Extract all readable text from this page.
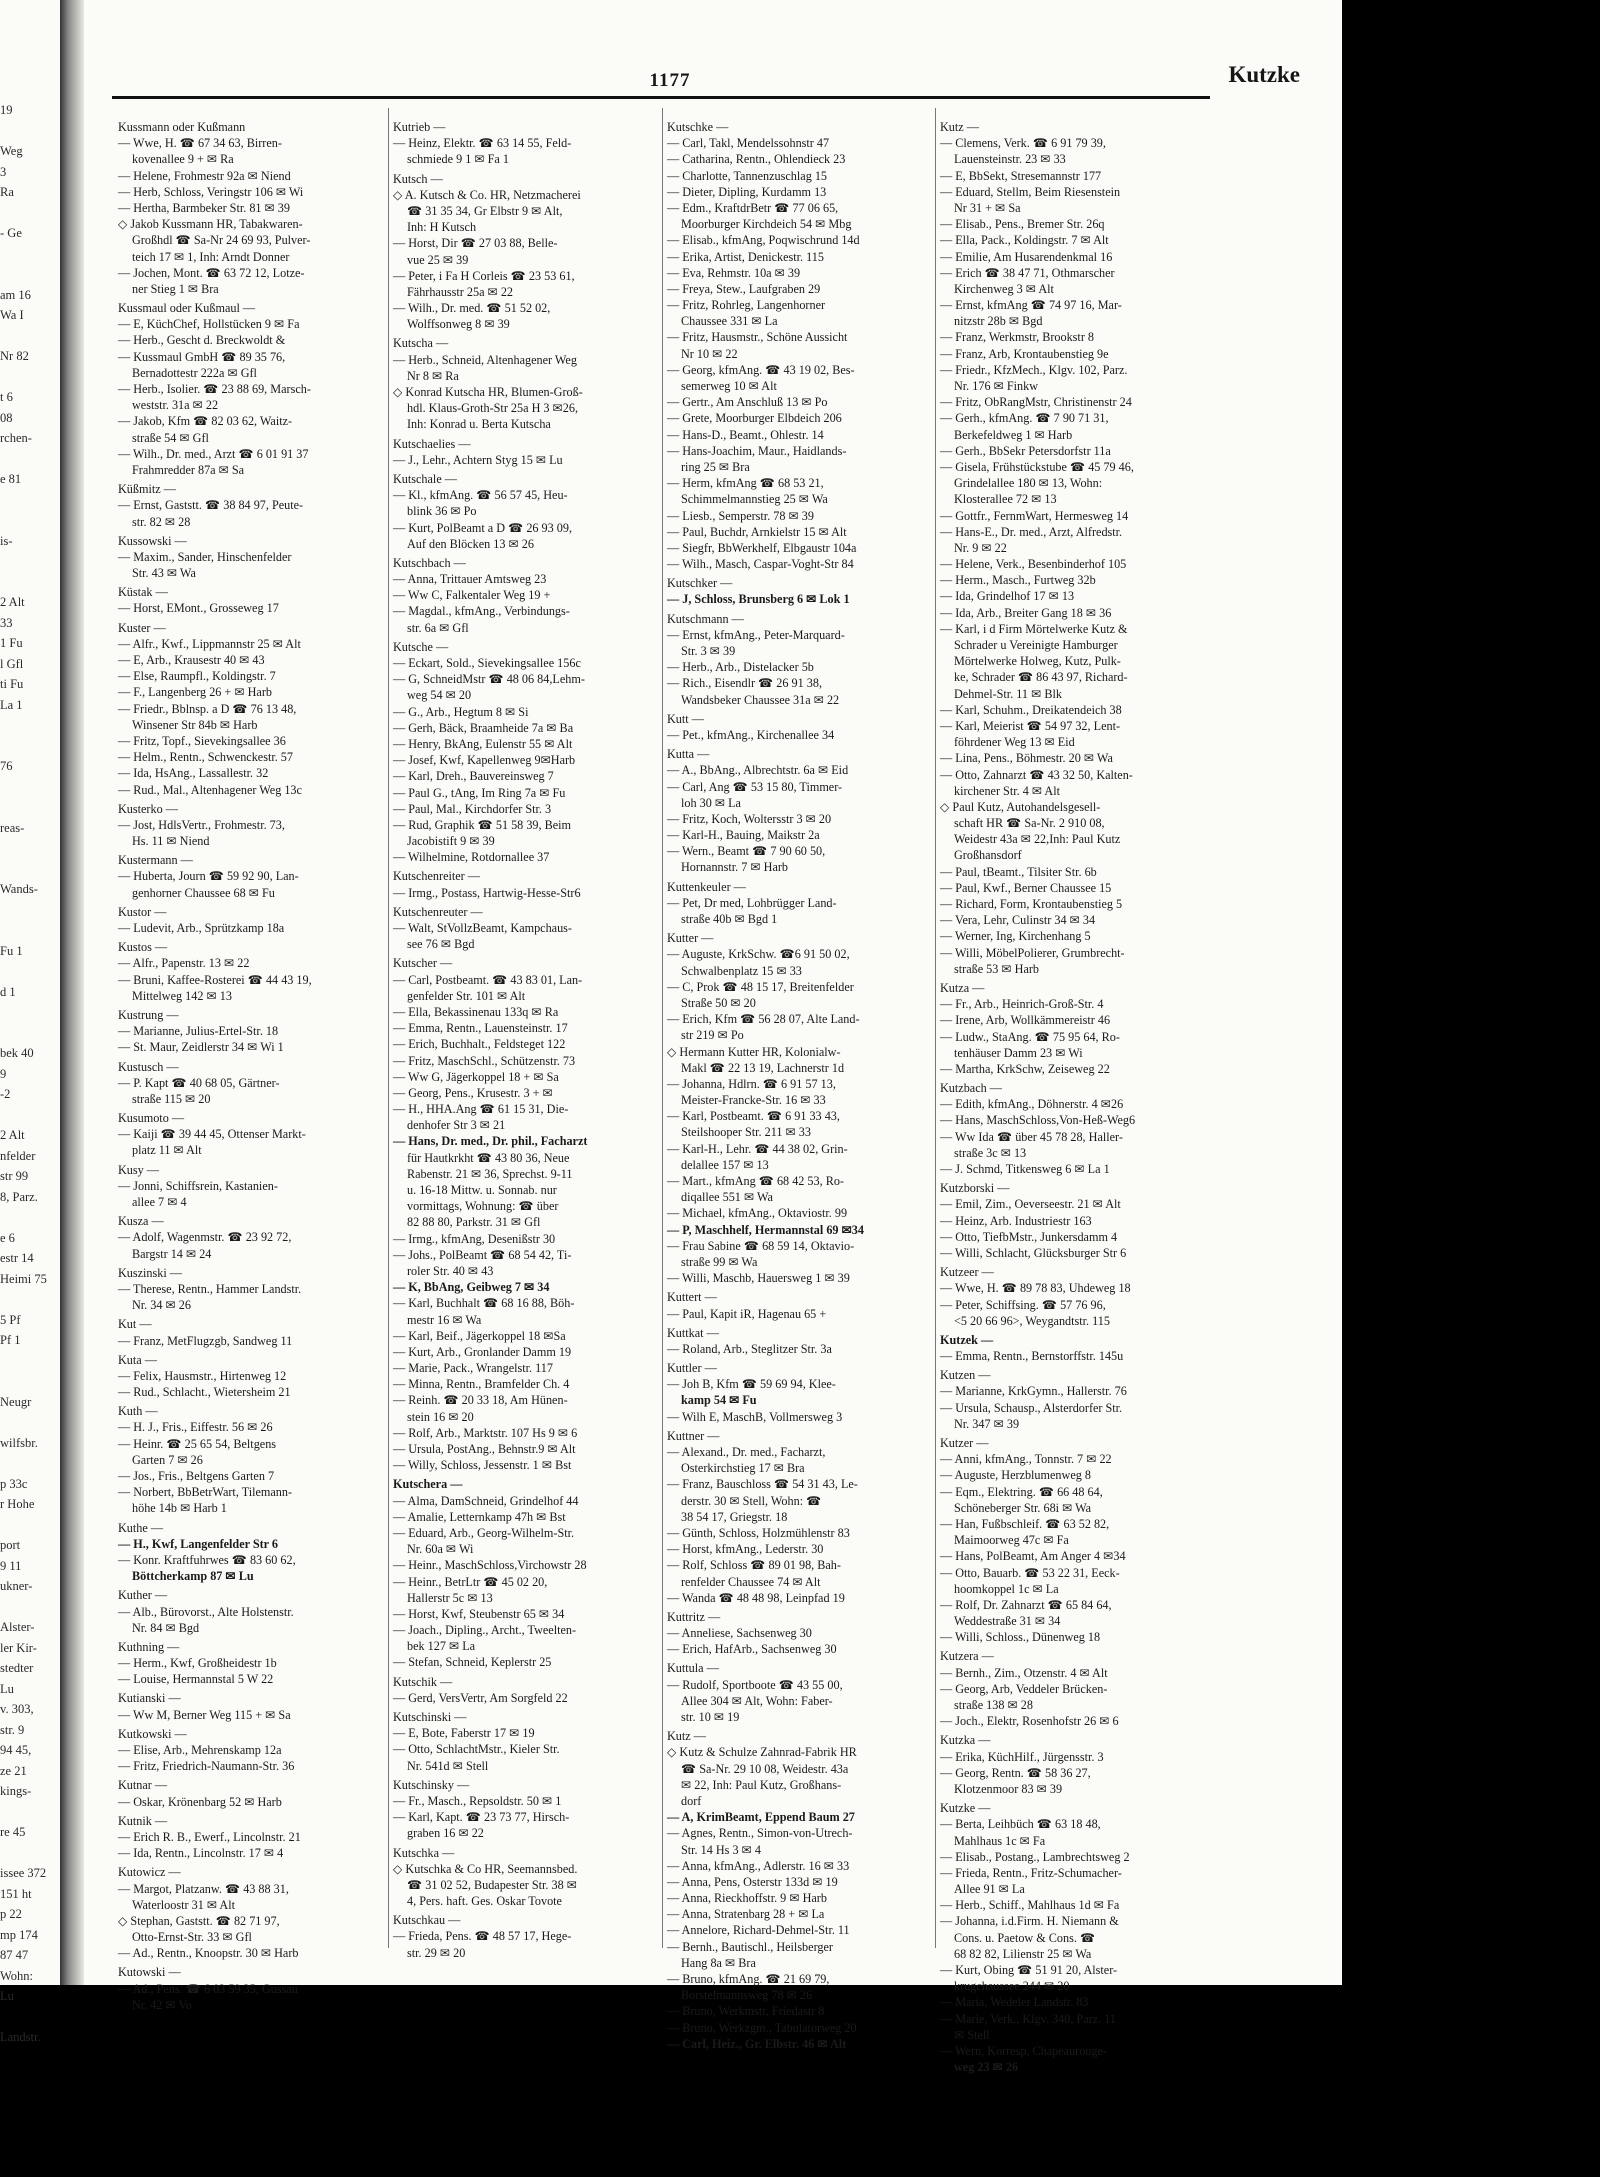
19
Weg
3
Ra
- Ge
am 16
Wa I
Nr 82
t 6
08
rchen-
e 81
is-
2 Alt
33
1 Fu
l Gfl
ti Fu
La 1
76
reas-
Wands-
Fu 1
d 1
bek 40
9
-2
2 Alt
nfelder
str 99
8, Parz.
e 6
estr 14
Heimi 75
5 Pf
Pf 1
Neugr
wilfsbr.
p 33c
r Hohe
port
9 11
ukner-
Alster-
ler Kir-
stedter
Lu
v. 303,
str. 9
94 45,
ze 21
kings-
re 45
issee 372
151 ht
p 22
mp 174
87 47
Wohn:
Lu
Landstr.
1177	Kutzke
Kussmann oder Kußmann
— Wwe, H. ☎ 67 34 63, Birren-
kovenallee 9 + ✉ Ra
— Helene, Frohmestr 92a ✉ Niend
— Herb, Schloss, Veringstr 106 ✉ Wi
— Hertha, Barmbeker Str. 81 ✉ 39
◇ Jakob Kussmann HR, Tabakwaren-
Großhdl ☎ Sa-Nr 24 69 93, Pulver-
teich 17 ✉ 1, Inh: Arndt Donner
— Jochen, Mont. ☎ 63 72 12, Lotze-
ner Stieg 1 ✉ Bra
Kussmaul oder Kußmaul —
— E, KüchChef, Hollstücken 9 ✉ Fa
— Herb., Gescht d. Breckwoldt &
— Kussmaul GmbH ☎ 89 35 76,
Bernadottestr 222a ✉ Gfl
— Herb., Isolier. ☎ 23 88 69, Marsch-
weststr. 31a ✉ 22
— Jakob, Kfm ☎ 82 03 62, Waitz-
straße 54 ✉ Gfl
— Wilh., Dr. med., Arzt ☎ 6 01 91 37
Frahmredder 87a ✉ Sa
Küßmitz —
— Ernst, Gaststt. ☎ 38 84 97, Peute-
str. 82 ✉ 28
Kussowski —
— Maxim., Sander, Hinschenfelder
Str. 43 ✉ Wa
Küstak —
— Horst, EMont., Grosseweg 17
Kuster —
— Alfr., Kwf., Lippmannstr 25 ✉ Alt
— E, Arb., Krausestr 40 ✉ 43
— Else, Raumpfl., Koldingstr. 7
— F., Langenberg 26 + ✉ Harb
— Friedr., Bblnsp. a D ☎ 76 13 48,
Winsener Str 84b ✉ Harb
— Fritz, Topf., Sievekingsallee 36
— Helm., Rentn., Schwenckestr. 57
— Ida, HsAng., Lassallestr. 32
— Rud., Mal., Altenhagener Weg 13c
Kusterko —
— Jost, HdlsVertr., Frohmestr. 73,
Hs. 11 ✉ Niend
Kustermann —
— Huberta, Journ ☎ 59 92 90, Lan-
genhorner Chaussee 68 ✉ Fu
Kustor —
— Ludevit, Arb., Sprützkamp 18a
Kustos —
— Alfr., Papenstr. 13 ✉ 22
— Bruni, Kaffee-Rosterei ☎ 44 43 19,
Mittelweg 142 ✉ 13
Kustrung —
— Marianne, Julius-Ertel-Str. 18
— St. Maur, Zeidlerstr 34 ✉ Wi 1
Kustusch —
— P. Kapt ☎ 40 68 05, Gärtner-
straße 115 ✉ 20
Kusumoto —
— Kaiji ☎ 39 44 45, Ottenser Markt-
platz 11 ✉ Alt
Kusy —
— Jonni, Schiffsrein, Kastanien-
allee 7 ✉ 4
Kusza —
— Adolf, Wagenmstr. ☎ 23 92 72,
Bargstr 14 ✉ 24
Kuszinski —
— Therese, Rentn., Hammer Landstr.
Nr. 34 ✉ 26
Kut —
— Franz, MetFlugzgb, Sandweg 11
Kuta —
— Felix, Hausmstr., Hirtenweg 12
— Rud., Schlacht., Wietersheim 21
Kuth —
— H. J., Fris., Eiffestr. 56 ✉ 26
— Heinr. ☎ 25 65 54, Beltgens
Garten 7 ✉ 26
— Jos., Fris., Beltgens Garten 7
— Norbert, BbBetrWart, Tilemann-
höhe 14b ✉ Harb 1
Kuthe —
— H., Kwf, Langenfelder Str 6
— Konr. Kraftfuhrwes ☎ 83 60 62,
Böttcherkamp 87 ✉ Lu
Kuther —
— Alb., Bürovorst., Alte Holstenstr.
Nr. 84 ✉ Bgd
Kuthning —
— Herm., Kwf, Großheidestr 1b
— Louise, Hermannstal 5 W 22
Kutianski —
— Ww M, Berner Weg 115 + ✉ Sa
Kutkowski —
— Elise, Arb., Mehrenskamp 12a
— Fritz, Friedrich-Naumann-Str. 36
Kutnar —
— Oskar, Krönenbarg 52 ✉ Harb
Kutnik —
— Erich R. B., Ewerf., Lincolnstr. 21
— Ida, Rentn., Lincolnstr. 17 ✉ 4
Kutowicz —
— Margot, Platzanw. ☎ 43 88 31,
Waterloostr 31 ✉ Alt
◇ Stephan, Gaststt. ☎ 82 71 97,
Otto-Ernst-Str. 33 ✉ Gfl
— Ad., Rentn., Knoopstr. 30 ✉ Harb
Kutowski —
— Ad., Pens. ☎ 6 03 59 35, Gussau
Nr. 42 ✉ Vo
Kutrieb —
— Heinz, Elektr. ☎ 63 14 55, Feld-
schmiede 9 1 ✉ Fa 1
Kutsch —
◇ A. Kutsch & Co. HR, Netzmacherei
☎ 31 35 34, Gr Elbstr 9 ✉ Alt,
Inh: H Kutsch
— Horst, Dir ☎ 27 03 88, Belle-
vue 25 ✉ 39
— Peter, i Fa H Corleis ☎ 23 53 61,
Fährhausstr 25a ✉ 22
— Wilh., Dr. med. ☎ 51 52 02,
Wolffsonweg 8 ✉ 39
Kutscha —
— Herb., Schneid, Altenhagener Weg
Nr 8 ✉ Ra
◇ Konrad Kutscha HR, Blumen-Groß-
hdl. Klaus-Groth-Str 25a H 3 ✉26,
Inh: Konrad u. Berta Kutscha
Kutschaelies —
— J., Lehr., Achtern Styg 15 ✉ Lu
Kutschale —
— Kl., kfmAng. ☎ 56 57 45, Heu-
blink 36 ✉ Po
— Kurt, PolBeamt a D ☎ 26 93 09,
Auf den Blöcken 13 ✉ 26
Kutschbach —
— Anna, Trittauer Amtsweg 23
— Ww C, Falkentaler Weg 19 +
— Magdal., kfmAng., Verbindungs-
str. 6a ✉ Gfl
Kutsche —
— Eckart, Sold., Sievekingsallee 156c
— G, SchneidMstr ☎ 48 06 84,Lehm-
weg 54 ✉ 20
— G., Arb., Hegtum 8 ✉ Si
— Gerh, Bäck, Braamheide 7a ✉ Ba
— Henry, BkAng, Eulenstr 55 ✉ Alt
— Josef, Kwf, Kapellenweg 9✉Harb
— Karl, Dreh., Bauvereinsweg 7
— Paul G., tAng, Im Ring 7a ✉ Fu
— Paul, Mal., Kirchdorfer Str. 3
— Rud, Graphik ☎ 51 58 39, Beim
Jacobistift 9 ✉ 39
— Wilhelmine, Rotdornallee 37
Kutschenreiter —
— Irmg., Postass, Hartwig-Hesse-Str6
Kutschenreuter —
— Walt, StVollzBeamt, Kampchaus-
see 76 ✉ Bgd
Kutscher —
— Carl, Postbeamt. ☎ 43 83 01, Lan-
genfelder Str. 101 ✉ Alt
— Ella, Bekassinenau 133q ✉ Ra
— Emma, Rentn., Lauensteinstr. 17
— Erich, Buchhalt., Feldsteget 122
— Fritz, MaschSchl., Schützenstr. 73
— Ww G, Jägerkoppel 18 + ✉ Sa
— Georg, Pens., Krusestr. 3 + ✉
— H., HHA.Ang ☎ 61 15 31, Die-
denhofer Str 3 ✉ 21
— Hans, Dr. med., Dr. phil., Facharzt
für Hautkrkht ☎ 43 80 36, Neue
Rabenstr. 21 ✉ 36, Sprechst. 9-11
u. 16-18 Mittw. u. Sonnab. nur
vormittags, Wohnung: ☎ über
82 88 80, Parkstr. 31 ✉ Gfl
— Irmg., kfmAng, Desenißstr 30
— Johs., PolBeamt ☎ 68 54 42, Ti-
roler Str. 40 ✉ 43
— K, BbAng, Geibweg 7 ✉ 34
— Karl, Buchhalt ☎ 68 16 88, Böh-
mestr 16 ✉ Wa
— Karl, Beif., Jägerkoppel 18 ✉Sa
— Kurt, Arb., Gronlander Damm 19
— Marie, Pack., Wrangelstr. 117
— Minna, Rentn., Bramfelder Ch. 4
— Reinh. ☎ 20 33 18, Am Hünen-
stein 16 ✉ 20
— Rolf, Arb., Marktstr. 107 Hs 9 ✉ 6
— Ursula, PostAng., Behnstr.9 ✉ Alt
— Willy, Schloss, Jessenstr. 1 ✉ Bst
Kutschera —
— Alma, DamSchneid, Grindelhof 44
— Amalie, Letternkamp 47h ✉ Bst
— Eduard, Arb., Georg-Wilhelm-Str.
Nr. 60a ✉ Wi
— Heinr., MaschSchloss,Virchowstr 28
— Heinr., BetrLtr ☎ 45 02 20,
Hallerstr 5c ✉ 13
— Horst, Kwf, Steubenstr 65 ✉ 34
— Joach., Dipling., Archt., Tweelten-
bek 127 ✉ La
— Stefan, Schneid, Keplerstr 25
Kutschik —
— Gerd, VersVertr, Am Sorgfeld 22
Kutschinski —
— E, Bote, Faberstr 17 ✉ 19
— Otto, SchlachtMstr., Kieler Str.
Nr. 541d ✉ Stell
Kutschinsky —
— Fr., Masch., Repsoldstr. 50 ✉ 1
— Karl, Kapt. ☎ 23 73 77, Hirsch-
graben 16 ✉ 22
Kutschka —
◇ Kutschka & Co HR, Seemannsbed.
☎ 31 02 52, Budapester Str. 38 ✉
4, Pers. haft. Ges. Oskar Tovote
Kutschkau —
— Frieda, Pens. ☎ 48 57 17, Hege-
str. 29 ✉ 20
Kutschke —
— Carl, Takl, Mendelssohnstr 47
— Catharina, Rentn., Ohlendieck 23
— Charlotte, Tannenzuschlag 15
— Dieter, Dipling, Kurdamm 13
— Edm., KraftdrBetr ☎ 77 06 65,
Moorburger Kirchdeich 54 ✉ Mbg
— Elisab., kfmAng, Poqwischrund 14d
— Erika, Artist, Denickestr. 115
— Eva, Rehmstr. 10a ✉ 39
— Freya, Stew., Laufgraben 29
— Fritz, Rohrleg, Langenhorner
Chaussee 331 ✉ La
— Fritz, Hausmstr., Schöne Aussicht
Nr 10 ✉ 22
— Georg, kfmAng. ☎ 43 19 02, Bes-
semerweg 10 ✉ Alt
— Gertr., Am Anschluß 13 ✉ Po
— Grete, Moorburger Elbdeich 206
— Hans-D., Beamt., Ohlestr. 14
— Hans-Joachim, Maur., Haidlands-
ring 25 ✉ Bra
— Herm, kfmAng ☎ 68 53 21,
Schimmelmannstieg 25 ✉ Wa
— Liesb., Semperstr. 78 ✉ 39
— Paul, Buchdr, Arnkielstr 15 ✉ Alt
— Siegfr, BbWerkhelf, Elbgaustr 104a
— Wilh., Masch, Caspar-Voght-Str 84
Kutschker —
— J, Schloss, Brunsberg 6 ✉ Lok 1
Kutschmann —
— Ernst, kfmAng., Peter-Marquard-
Str. 3 ✉ 39
— Herb., Arb., Distelacker 5b
— Rich., Eisendlr ☎ 26 91 38,
Wandsbeker Chaussee 31a ✉ 22
Kutt —
— Pet., kfmAng., Kirchenallee 34
Kutta —
— A., BbAng., Albrechtstr. 6a ✉ Eid
— Carl, Ang ☎ 53 15 80, Timmer-
loh 30 ✉ La
— Fritz, Koch, Woltersstr 3 ✉ 20
— Karl-H., Bauing, Maikstr 2a
— Wern., Beamt ☎ 7 90 60 50,
Hornannstr. 7 ✉ Harb
Kuttenkeuler —
— Pet, Dr med, Lohbrügger Land-
straße 40b ✉ Bgd 1
Kutter —
— Auguste, KrkSchw. ☎6 91 50 02,
Schwalbenplatz 15 ✉ 33
— C, Prok ☎ 48 15 17, Breitenfelder
Straße 50 ✉ 20
— Erich, Kfm ☎ 56 28 07, Alte Land-
str 219 ✉ Po
◇ Hermann Kutter HR, Kolonialw-
Makl ☎ 22 13 19, Lachnerstr 1d
— Johanna, Hdlrn. ☎ 6 91 57 13,
Meister-Francke-Str. 16 ✉ 33
— Karl, Postbeamt. ☎ 6 91 33 43,
Steilshooper Str. 211 ✉ 33
— Karl-H., Lehr. ☎ 44 38 02, Grin-
delallee 157 ✉ 13
— Mart., kfmAng ☎ 68 42 53, Ro-
diqallee 551 ✉ Wa
— Michael, kfmAng., Oktaviostr. 99
— P, Maschhelf, Hermannstal 69 ✉34
— Frau Sabine ☎ 68 59 14, Oktavio-
straße 99 ✉ Wa
— Willi, Maschb, Hauersweg 1 ✉ 39
Kuttert —
— Paul, Kapit iR, Hagenau 65 +
Kuttkat —
— Roland, Arb., Steglitzer Str. 3a
Kuttler —
— Joh B, Kfm ☎ 59 69 94, Klee-
kamp 54 ✉ Fu
— Wilh E, MaschB, Vollmersweg 3
Kuttner —
— Alexand., Dr. med., Facharzt,
Osterkirchstieg 17 ✉ Bra
— Franz, Bauschloss ☎ 54 31 43, Le-
derstr. 30 ✉ Stell, Wohn: ☎
38 54 17, Griegstr. 18
— Günth, Schloss, Holzmühlenstr 83
— Horst, kfmAng., Lederstr. 30
— Rolf, Schloss ☎ 89 01 98, Bah-
renfelder Chaussee 74 ✉ Alt
— Wanda ☎ 48 48 98, Leinpfad 19
Kuttritz —
— Anneliese, Sachsenweg 30
— Erich, HafArb., Sachsenweg 30
Kuttula —
— Rudolf, Sportboote ☎ 43 55 00,
Allee 304 ✉ Alt, Wohn: Faber-
str. 10 ✉ 19
Kutz —
◇ Kutz & Schulze Zahnrad-Fabrik HR
☎ Sa-Nr. 29 10 08, Weidestr. 43a
✉ 22, Inh: Paul Kutz, Großhans-
dorf
— A, KrimBeamt, Eppend Baum 27
— Agnes, Rentn., Simon-von-Utrech-
Str. 14 Hs 3 ✉ 4
— Anna, kfmAng., Adlerstr. 16 ✉ 33
— Anna, Pens, Osterstr 133d ✉ 19
— Anna, Rieckhoffstr. 9 ✉ Harb
— Anna, Stratenbarg 28 + ✉ La
— Annelore, Richard-Dehmel-Str. 11
— Bernh., Bautischl., Heilsberger
Hang 8a ✉ Bra
— Bruno, kfmAng. ☎ 21 69 79,
Borstelmannsweg 78 ✉ 26
— Bruno, Werkmstr, Friedastr 8
— Bruno, Werkzgm., Tabulatorweg 20
— Carl, Heiz., Gr. Elbstr. 46 ✉ Alt
Kutz —
— Clemens, Verk. ☎ 6 91 79 39,
Lauensteinstr. 23 ✉ 33
— E, BbSekt, Stresemannstr 177
— Eduard, Stellm, Beim Riesenstein
Nr 31 + ✉ Sa
— Elisab., Pens., Bremer Str. 26q
— Ella, Pack., Koldingstr. 7 ✉ Alt
— Emilie, Am Husarendenkmal 16
— Erich ☎ 38 47 71, Othmarscher
Kirchenweg 3 ✉ Alt
— Ernst, kfmAng ☎ 74 97 16, Mar-
nitzstr 28b ✉ Bgd
— Franz, Werkmstr, Brookstr 8
— Franz, Arb, Krontaubenstieg 9e
— Friedr., KfzMech., Klgv. 102, Parz.
Nr. 176 ✉ Finkw
— Fritz, ObRangMstr, Christinenstr 24
— Gerh., kfmAng. ☎ 7 90 71 31,
Berkefeldweg 1 ✉ Harb
— Gerh., BbSekr Petersdorfstr 11a
— Gisela, Frühstückstube ☎ 45 79 46,
Grindelallee 180 ✉ 13, Wohn:
Klosterallee 72 ✉ 13
— Gottfr., FernmWart, Hermesweg 14
— Hans-E., Dr. med., Arzt, Alfredstr.
Nr. 9 ✉ 22
— Helene, Verk., Besenbinderhof 105
— Herm., Masch., Furtweg 32b
— Ida, Grindelhof 17 ✉ 13
— Ida, Arb., Breiter Gang 18 ✉ 36
— Karl, i d Firm Mörtelwerke Kutz &
Schrader u Vereinigte Hamburger
Mörtelwerke Holweg, Kutz, Pulk-
ke, Schrader ☎ 86 43 97, Richard-
Dehmel-Str. 11 ✉ Blk
— Karl, Schuhm., Dreikatendeich 38
— Karl, Meierist ☎ 54 97 32, Lent-
föhrdener Weg 13 ✉ Eid
— Lina, Pens., Böhmestr. 20 ✉ Wa
— Otto, Zahnarzt ☎ 43 32 50, Kalten-
kirchener Str. 4 ✉ Alt
◇ Paul Kutz, Autohandelsgesell-
schaft HR ☎ Sa-Nr. 2 910 08,
Weidestr 43a ✉ 22,Inh: Paul Kutz
Großhansdorf
— Paul, tBeamt., Tilsiter Str. 6b
— Paul, Kwf., Berner Chaussee 15
— Richard, Form, Krontaubenstieg 5
— Vera, Lehr, Culinstr 34 ✉ 34
— Werner, Ing, Kirchenhang 5
— Willi, MöbelPolierer, Grumbrecht-
straße 53 ✉ Harb
Kutza —
— Fr., Arb., Heinrich-Groß-Str. 4
— Irene, Arb, Wollkämmereistr 46
— Ludw., StaAng. ☎ 75 95 64, Ro-
tenhäuser Damm 23 ✉ Wi
— Martha, KrkSchw, Zeiseweg 22
Kutzbach —
— Edith, kfmAng., Döhnerstr. 4 ✉26
— Hans, MaschSchloss,Von-Heß-Weg6
— Ww Ida ☎ über 45 78 28, Haller-
straße 3c ✉ 13
— J. Schmd, Titkensweg 6 ✉ La 1
Kutzborski —
— Emil, Zim., Oeverseestr. 21 ✉ Alt
— Heinz, Arb. Industriestr 163
— Otto, TiefbMstr., Junkersdamm 4
— Willi, Schlacht, Glücksburger Str 6
Kutzeer —
— Wwe, H. ☎ 89 78 83, Uhdeweg 18
— Peter, Schiffsing. ☎ 57 76 96,
<5 20 66 96>, Weygandtstr. 115
Kutzek —
— Emma, Rentn., Bernstorffstr. 145u
Kutzen —
— Marianne, KrkGymn., Hallerstr. 76
— Ursula, Schausp., Alsterdorfer Str.
Nr. 347 ✉ 39
Kutzer —
— Anni, kfmAng., Tonnstr. 7 ✉ 22
— Auguste, Herzblumenweg 8
— Eqm., Elektring. ☎ 66 48 64,
Schöneberger Str. 68i ✉ Wa
— Han, Fußbschleif. ☎ 63 52 82,
Maimoorweg 47c ✉ Fa
— Hans, PolBeamt, Am Anger 4 ✉34
— Otto, Bauarb. ☎ 53 22 31, Eeck-
hoomkoppel 1c ✉ La
— Rolf, Dr. Zahnarzt ☎ 65 84 64,
Weddestraße 31 ✉ 34
— Willi, Schloss., Dünenweg 18
Kutzera —
— Bernh., Zim., Otzenstr. 4 ✉ Alt
— Georg, Arb, Veddeler Brücken-
straße 138 ✉ 28
— Joch., Elektr, Rosenhofstr 26 ✉ 6
Kutzka —
— Erika, KüchHilf., Jürgensstr. 3
— Georg, Rentn. ☎ 58 36 27,
Klotzenmoor 83 ✉ 39
Kutzke —
— Berta, Leihbüch ☎ 63 18 48,
Mahlhaus 1c ✉ Fa
— Elisab., Postang., Lambrechtsweg 2
— Frieda, Rentn., Fritz-Schumacher-
Allee 91 ✉ La
— Herb., Schiff., Mahlhaus 1d ✉ Fa
— Johanna, i.d.Firm. H. Niemann &
Cons. u. Paetow & Cons. ☎
68 82 82, Lilienstr 25 ✉ Wa
— Kurt, Obing ☎ 51 91 20, Alster-
krugchaussee 244 ✉ 20
— Maria, Wedeler Landstr. 83
— Marie, Verk., Klgv. 340, Parz. 11
✉ Stell
— Wern, Korresp, Chapeaurouge-
weg 23 ✉ 26
